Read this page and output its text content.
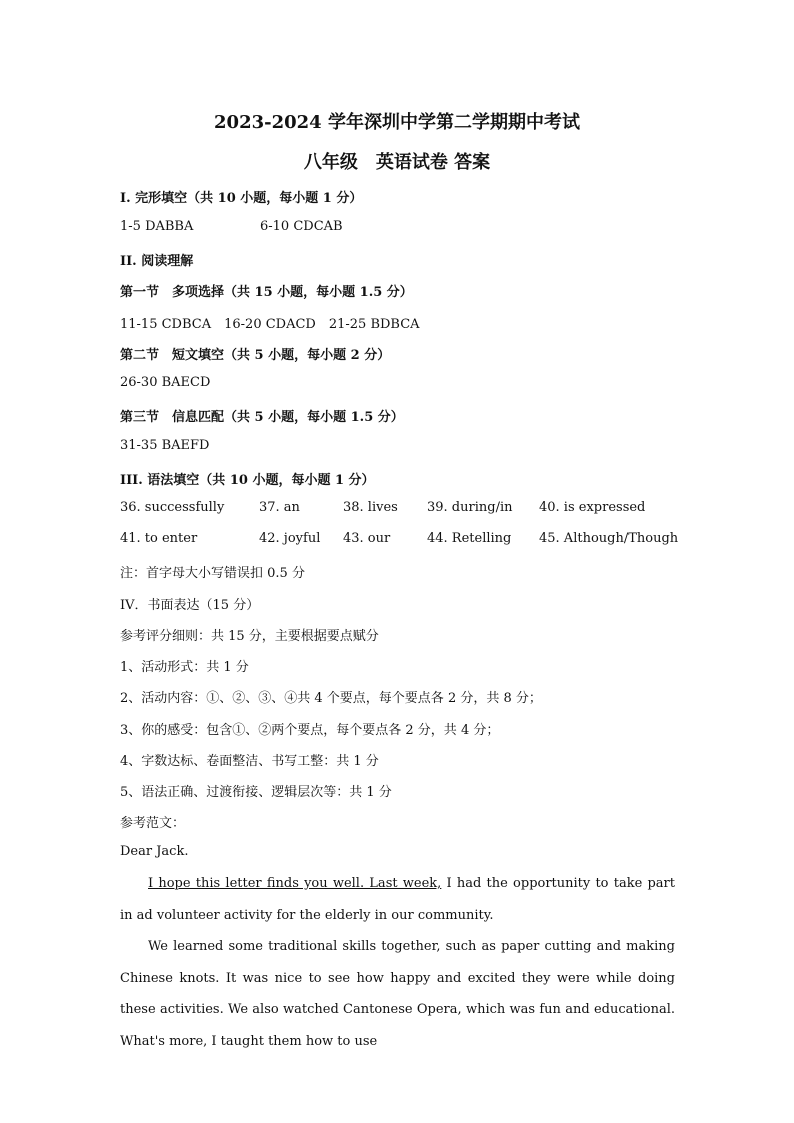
2023-2024 学年深圳中学第二学期期中考试
八年级　英语试卷 答案
I. 完形填空（共 10 小题，每小题 1 分）
1-5 DABBA	6-10 CDCAB
II. 阅读理解
第一节　多项选择（共 15 小题，每小题 1.5 分）
11-15 CDBCA　16-20 CDACD　21-25 BDBCA
第二节　短文填空（共 5 小题，每小题 2 分）
26-30 BAECD
第三节　信息匹配（共 5 小题，每小题 1.5 分）
31-35 BAEFD
III. 语法填空（共 10 小题，每小题 1 分）
36. successfully	37. an	38. lives 39. during/in 40. is expressed
41. to enter	42. joyful 43. our	44. Retelling 45. Although/Though
注：首字母大小写错误扣 0.5 分
IV．书面表达（15 分）
参考评分细则：共 15 分，主要根据要点赋分
1、活动形式：共 1 分
2、活动内容：①、②、③、④共 4 个要点，每个要点各 2 分，共 8 分；
3、你的感受：包含①、②两个要点，每个要点各 2 分，共 4 分；
4、字数达标、卷面整洁、书写工整：共 1 分
5、语法正确、过渡衔接、逻辑层次等：共 1 分
参考范文：
Dear Jack.
I hope this letter finds you well. Last week, I had the opportunity to take part in ad volunteer activity for the elderly in our community.
We learned some traditional skills together, such as paper cutting and making Chinese knots. It was nice to see how happy and excited they were while doing these activities. We also watched Cantonese Opera, which was fun and educational. What's more, I taught them how to use
